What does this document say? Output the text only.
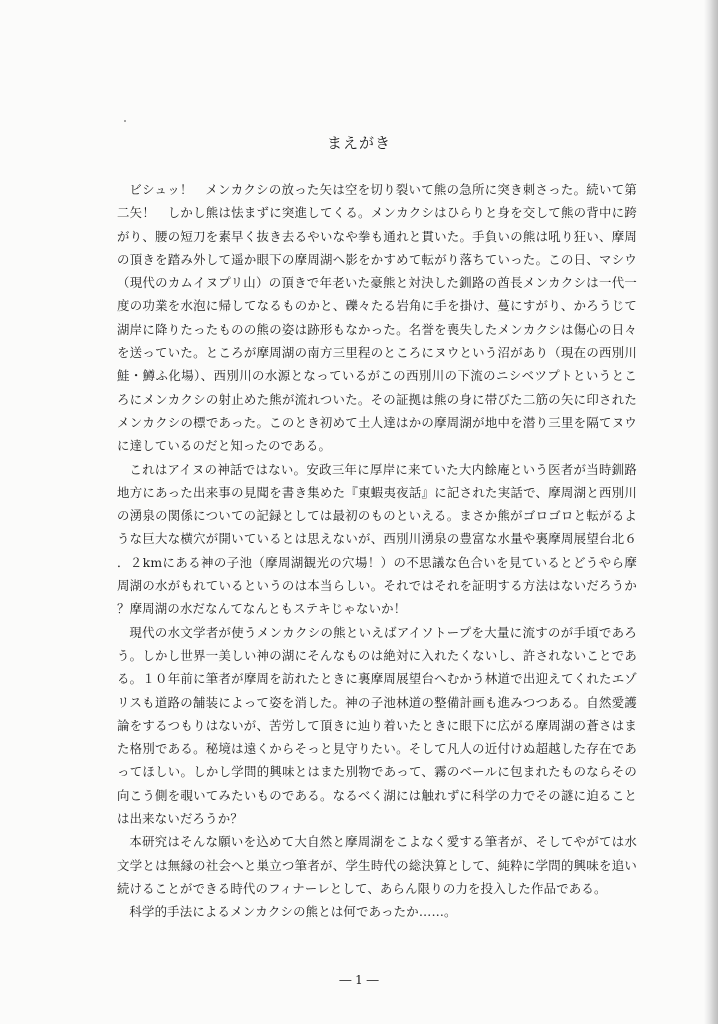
まえがき

ビシュッ！　メンカクシの放った矢は空を切り裂いて熊の急所に突き刺さった。続いて第二矢！　しかし熊は怯まずに突進してくる。メンカクシはひらりと身を交して熊の背中に跨がり、腰の短刀を素早く抜き去るやいなや拳も通れと貫いた。手負いの熊は吼り狂い、摩周の頂きを踏み外して遥か眼下の摩周湖へ影をかすめて転がり落ちていった。この日、マシウ（現代のカムイヌプリ山）の頂きで年老いた豪熊と対決した釧路の酋長メンカクシは一代一度の功業を水泡に帰してなるものかと、礫々たる岩角に手を掛け、蔓にすがり、かろうじて湖岸に降りたったものの熊の姿は跡形もなかった。名誉を喪失したメンカクシは傷心の日々を送っていた。ところが摩周湖の南方三里程のところにヌウという沼があり（現在の西別川鮭・鱒ふ化場）、西別川の水源となっているがこの西別川の下流のニシベツプトというところにメンカクシの射止めた熊が流れついた。その証拠は熊の身に帯びた二筋の矢に印されたメンカクシの標であった。このとき初めて土人達はかの摩周湖が地中を潜り三里を隔てヌウに達しているのだと知ったのである。

これはアイヌの神話ではない。安政三年に厚岸に来ていた大内餘庵という医者が当時釧路地方にあった出来事の見聞を書き集めた『東蝦夷夜話』に記された実話で、摩周湖と西別川の湧泉の関係についての記録としては最初のものといえる。まさか熊がゴロゴロと転がるような巨大な横穴が開いているとは思えないが、西別川湧泉の豊富な水量や裏摩周展望台北６．２kmにある神の子池（摩周湖観光の穴場！）の不思議な色合いを見ているとどうやら摩周湖の水がもれているというのは本当らしい。それではそれを証明する方法はないだろうか？摩周湖の水だなんてなんともステキじゃないか！

現代の水文学者が使うメンカクシの熊といえばアイソトープを大量に流すのが手頃であろう。しかし世界一美しい神の湖にそんなものは絶対に入れたくないし、許されないことである。１０年前に筆者が摩周を訪れたときに裏摩周展望台へむかう林道で出迎えてくれたエゾリスも道路の舗装によって姿を消した。神の子池林道の整備計画も進みつつある。自然愛護論をするつもりはないが、苦労して頂きに辿り着いたときに眼下に広がる摩周湖の蒼さはまた格別である。秘境は遠くからそっと見守りたい。そして凡人の近付けぬ超越した存在であってほしい。しかし学問的興味とはまた別物であって、霧のベールに包まれたものならその向こう側を覗いてみたいものである。なるべく湖には触れずに科学の力でその謎に迫ることは出来ないだろうか？

本研究はそんな願いを込めて大自然と摩周湖をこよなく愛する筆者が、そしてやがては水文学とは無縁の社会へと巣立つ筆者が、学生時代の総決算として、純粋に学問的興味を追い続けることができる時代のフィナーレとして、あらん限りの力を投入した作品である。

科学的手法によるメンカクシの熊とは何であったか……。

― 1 ―
